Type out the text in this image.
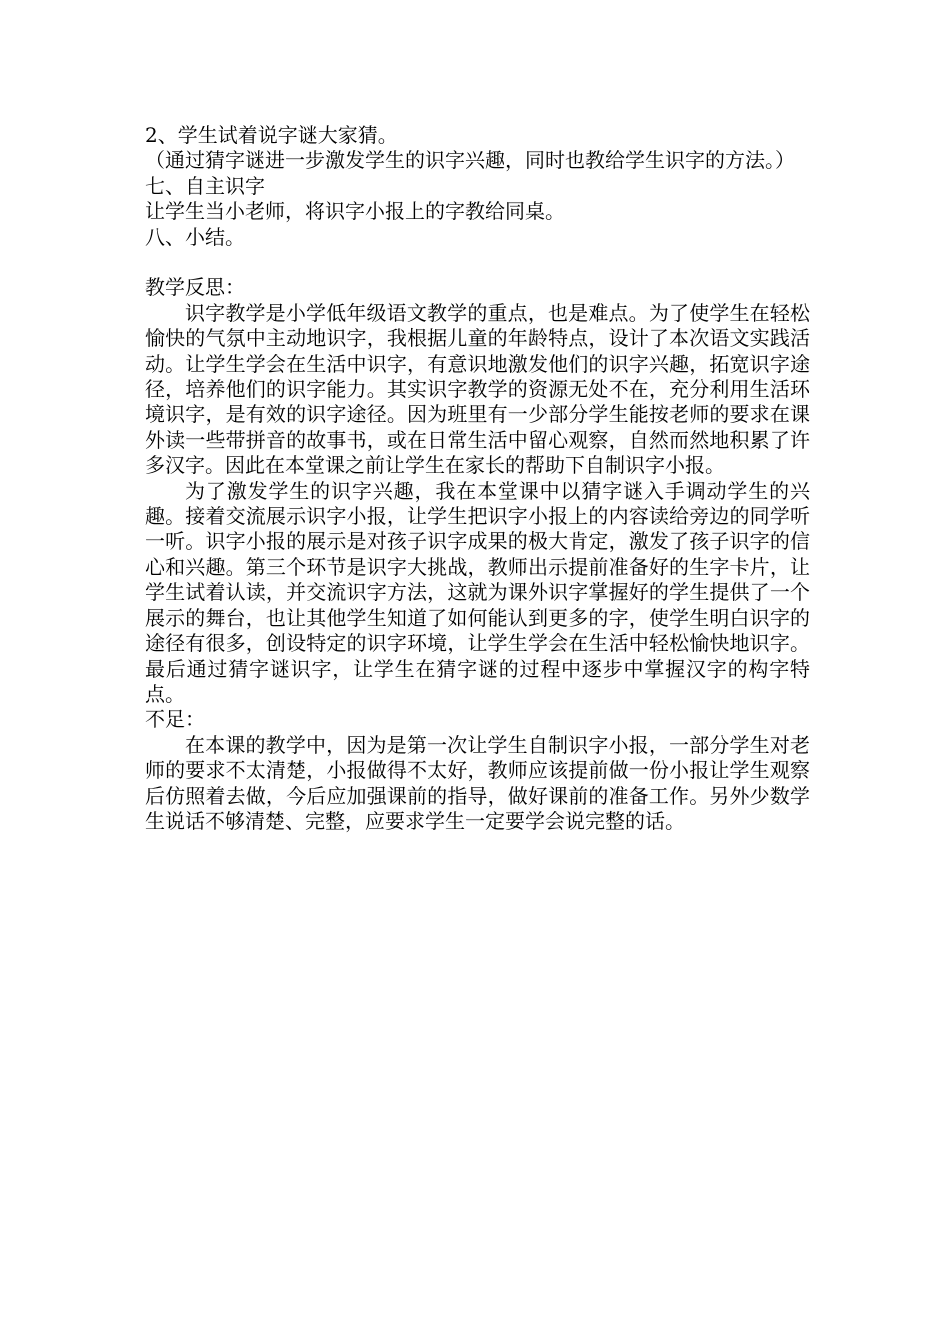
2、学生试着说字谜大家猜。

（通过猜字谜进一步激发学生的识字兴趣，同时也教给学生识字的方法。）

七、自主识字

让学生当小老师，将识字小报上的字教给同桌。

八、小结。

教学反思：

识字教学是小学低年级语文教学的重点，也是难点。为了使学生在轻松愉快的气氛中主动地识字，我根据儿童的年龄特点，设计了本次语文实践活动。让学生学会在生活中识字，有意识地激发他们的识字兴趣，拓宽识字途径，培养他们的识字能力。其实识字教学的资源无处不在，充分利用生活环境识字，是有效的识字途径。因为班里有一少部分学生能按老师的要求在课外读一些带拼音的故事书，或在日常生活中留心观察，自然而然地积累了许多汉字。因此在本堂课之前让学生在家长的帮助下自制识字小报。

为了激发学生的识字兴趣，我在本堂课中以猜字谜入手调动学生的兴趣。接着交流展示识字小报，让学生把识字小报上的内容读给旁边的同学听一听。识字小报的展示是对孩子识字成果的极大肯定，激发了孩子识字的信心和兴趣。第三个环节是识字大挑战，教师出示提前准备好的生字卡片，让学生试着认读，并交流识字方法，这就为课外识字掌握好的学生提供了一个展示的舞台，也让其他学生知道了如何能认到更多的字，使学生明白识字的途径有很多，创设特定的识字环境，让学生学会在生活中轻松愉快地识字。最后通过猜字谜识字，让学生在猜字谜的过程中逐步中掌握汉字的构字特点。

不足：

在本课的教学中，因为是第一次让学生自制识字小报，一部分学生对老师的要求不太清楚，小报做得不太好，教师应该提前做一份小报让学生观察后仿照着去做，今后应加强课前的指导，做好课前的准备工作。另外少数学生说话不够清楚、完整，应要求学生一定要学会说完整的话。
